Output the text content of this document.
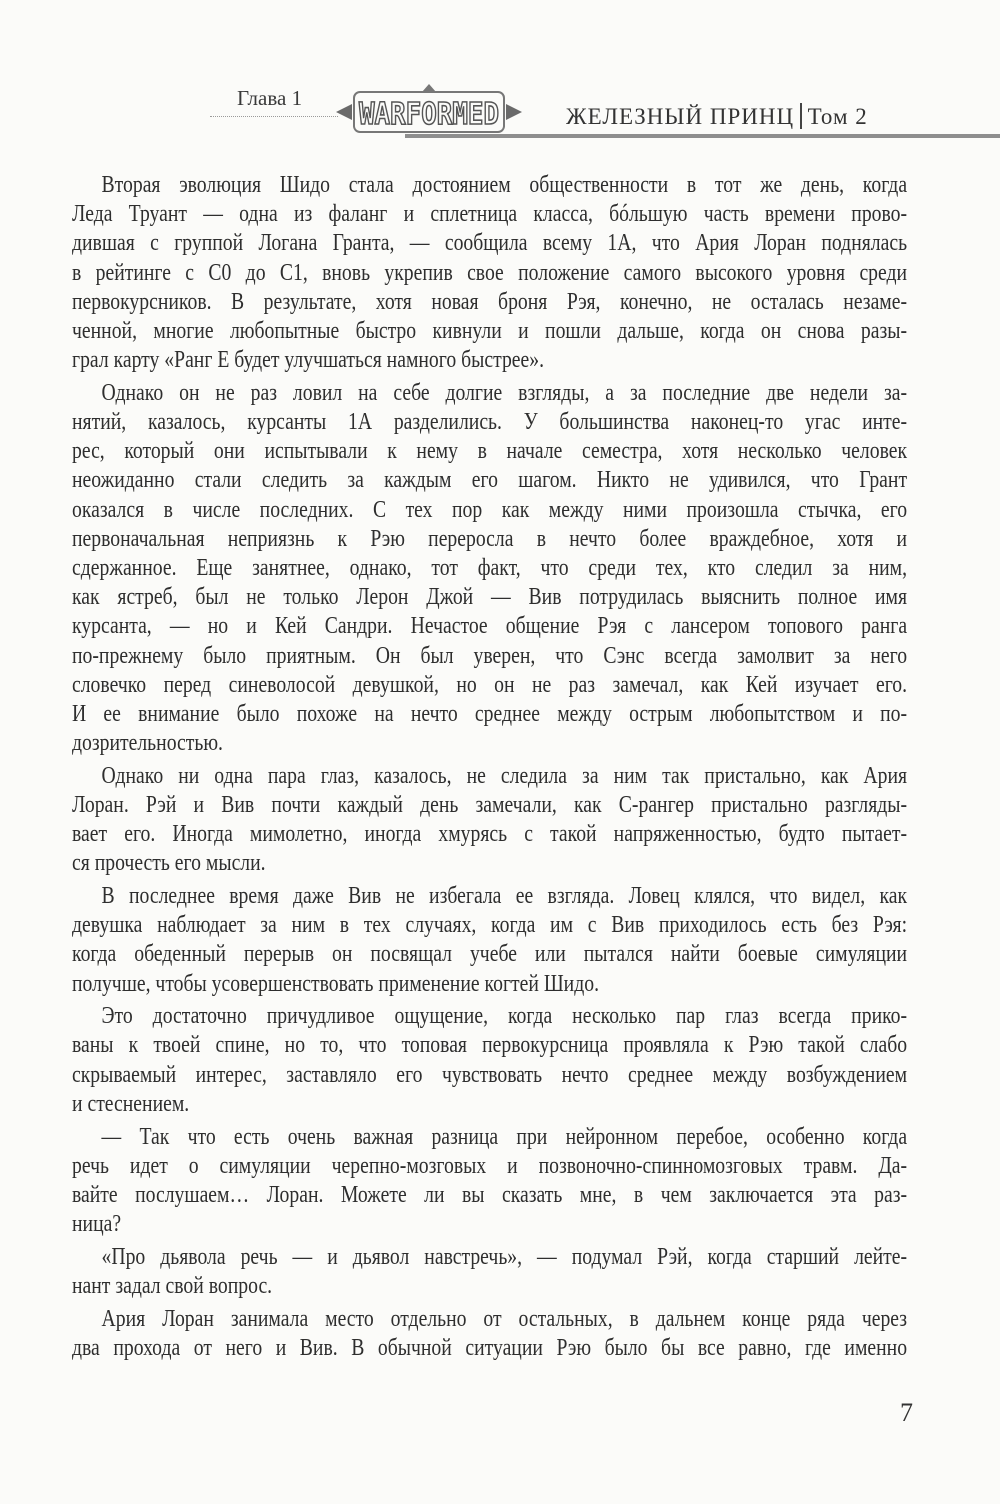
Глава 1 WARFORMED	ЖЕЛЕЗНЫЙ ПРИНЦ Том 2
Вторая эволюция Шидо стала достоянием общественности в тот же день, когда
Леда Труант — одна из фаланг и сплетница класса, бóльшую часть времени прово-
дившая с группой Логана Гранта, — сообщила всему 1А, что Ария Лоран поднялась
в рейтинге с C0 до C1, вновь укрепив свое положение самого высокого уровня среди
первокурсников. В результате, хотя новая броня Рэя, конечно, не осталась незаме-
ченной, многие любопытные быстро кивнули и пошли дальше, когда он снова разы-
грал карту «Ранг E будет улучшаться намного быстрее».
Однако он не раз ловил на себе долгие взгляды, а за последние две недели за-
нятий, казалось, курсанты 1А разделились. У большинства наконец-то угас инте-
рес, который они испытывали к нему в начале семестра, хотя несколько человек
неожиданно стали следить за каждым его шагом. Никто не удивился, что Грант
оказался в числе последних. С тех пор как между ними произошла стычка, его
первоначальная неприязнь к Рэю переросла в нечто более враждебное, хотя и
сдержанное. Еще занятнее, однако, тот факт, что среди тех, кто следил за ним,
как ястреб, был не только Лерон Джой — Вив потрудилась выяснить полное имя
курсанта, — но и Кей Сандри. Нечастое общение Рэя с лансером топового ранга
по-прежнему было приятным. Он был уверен, что Сэнс всегда замолвит за него
словечко перед синеволосой девушкой, но он не раз замечал, как Кей изучает его.
И ее внимание было похоже на нечто среднее между острым любопытством и по-
дозрительностью.
Однако ни одна пара глаз, казалось, не следила за ним так пристально, как Ария
Лоран. Рэй и Вив почти каждый день замечали, как C-рангер пристально разгляды-
вает его. Иногда мимолетно, иногда хмурясь с такой напряженностью, будто пытает-
ся прочесть его мысли.
В последнее время даже Вив не избегала ее взгляда. Ловец клялся, что видел, как
девушка наблюдает за ним в тех случаях, когда им с Вив приходилось есть без Рэя:
когда обеденный перерыв он посвящал учебе или пытался найти боевые симуляции
получше, чтобы усовершенствовать применение когтей Шидо.
Это достаточно причудливое ощущение, когда несколько пар глаз всегда прико-
ваны к твоей спине, но то, что топовая первокурсница проявляла к Рэю такой слабо
скрываемый интерес, заставляло его чувствовать нечто среднее между возбуждением
и стеснением.
— Так что есть очень важная разница при нейронном перебое, особенно когда
речь идет о симуляции черепно-мозговых и позвоночно-спинномозговых травм. Да-
вайте послушаем… Лоран. Можете ли вы сказать мне, в чем заключается эта раз-
ница?
«Про дьявола речь — и дьявол навстречь», — подумал Рэй, когда старший лейте-
нант задал свой вопрос.
Ария Лоран занимала место отдельно от остальных, в дальнем конце ряда через
два прохода от него и Вив. В обычной ситуации Рэю было бы все равно, где именно
7
